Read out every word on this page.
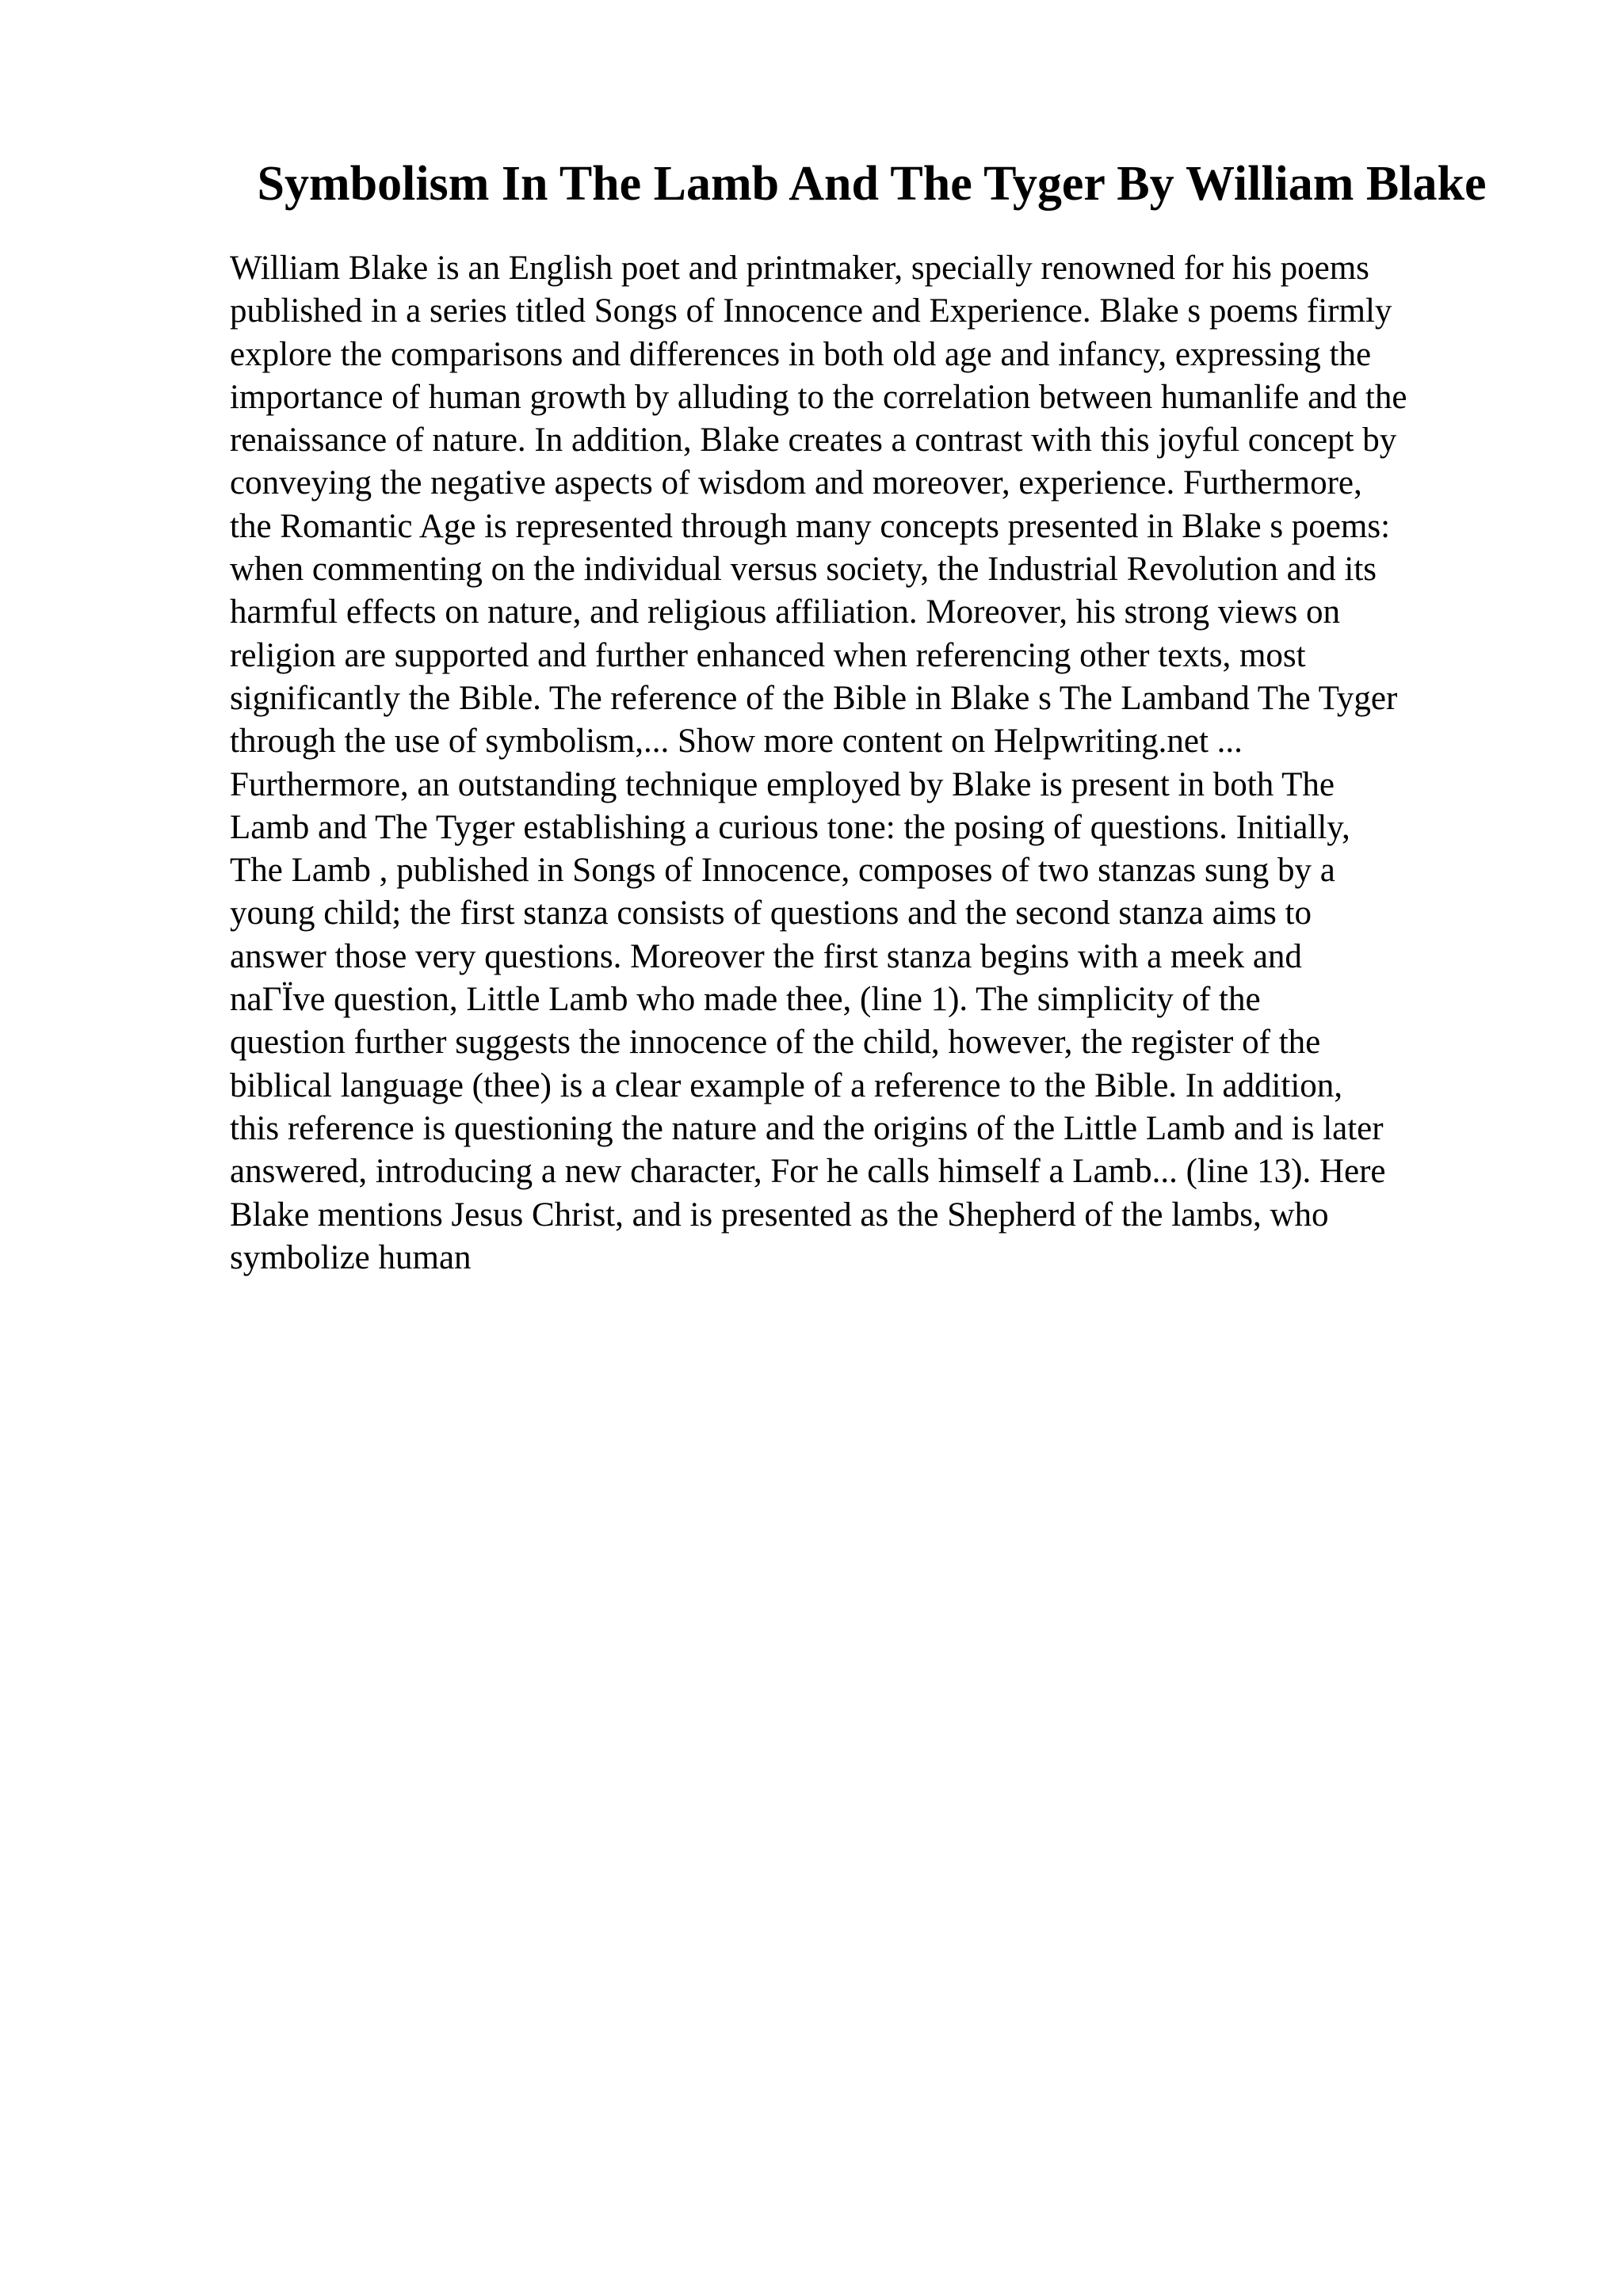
Symbolism In The Lamb And The Tyger By William Blake
William Blake is an English poet and printmaker, specially renowned for his poems
published in a series titled Songs of Innocence and Experience. Blake s poems firmly
explore the comparisons and differences in both old age and infancy, expressing the
importance of human growth by alluding to the correlation between humanlife and the
renaissance of nature. In addition, Blake creates a contrast with this joyful concept by
conveying the negative aspects of wisdom and moreover, experience. Furthermore,
the Romantic Age is represented through many concepts presented in Blake s poems:
when commenting on the individual versus society, the Industrial Revolution and its
harmful effects on nature, and religious affiliation. Moreover, his strong views on
religion are supported and further enhanced when referencing other texts, most
significantly the Bible. The reference of the Bible in Blake s The Lamband The Tyger
through the use of symbolism,... Show more content on Helpwriting.net ...
Furthermore, an outstanding technique employed by Blake is present in both The
Lamb and The Tyger establishing a curious tone: the posing of questions. Initially,
The Lamb , published in Songs of Innocence, composes of two stanzas sung by a
young child; the first stanza consists of questions and the second stanza aims to
answer those very questions. Moreover the first stanza begins with a meek and
naГЇve question, Little Lamb who made thee, (line 1). The simplicity of the
question further suggests the innocence of the child, however, the register of the
biblical language (thee) is a clear example of a reference to the Bible. In addition,
this reference is questioning the nature and the origins of the Little Lamb and is later
answered, introducing a new character, For he calls himself a Lamb... (line 13). Here
Blake mentions Jesus Christ, and is presented as the Shepherd of the lambs, who
symbolize human
